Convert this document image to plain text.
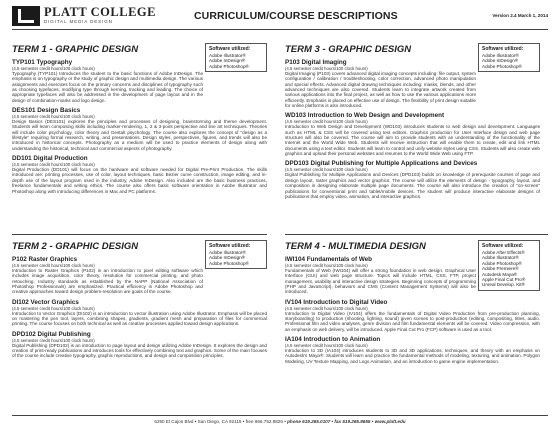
PLATT COLLEGE
DIGITAL MEDIA DESIGN	CURRICULUM/COURSE DESCRIPTIONS	Version 2.4 March 1, 2014
TERM 1 - GRAPHIC DESIGN	Software utilized:
Adobe Illustrator®
Adobe InDesign®
Adobe Photoshop®
TYP101 Typography
(4.5 semester credit hours/100 clock hours)
Typography (TYP101) Introduces the student to the basic functions of Adobe InDesign. The emphasis is on typography or the study of graphic design and multimedia design. The various assignments and exercises focus on the primary concerns and disciplines of typography such as choosing typefaces, modifying type through kerning, tracking and leading. The choice of appropriate typefaces will also be addressed in the development of page layout and in the design of combination-marks and logo design.
DES101 Design Basics
(4.5 semester credit hours/100 clock hours)
Design Basics (DES101) explores the principles and processes of designing, brainstorming and theme development. Students will learn composing skills including marker-rendering, 1, 2 & 3-point perspective and line art techniques. Theories will include color psychology, color theory and Gestalt psychology. The course also explores the concept of "design as a lifestyle" requiring formal research, writing, and presentations. Design styles, perspectives, figures, and trends will also be introduced in historical concepts. Photography as a medium will be used to practice elements of design along with understanding the historical, technical and commercial aspects of photography.
DD101 Digital Production
(4.5 semester credit hours/100 clock hours)
Digital Production (DD101) will focus on the hardware and software needed for Digital Pre-Print Production. The skills introduced are: printing processes, use of color, layout techniques, basic Bezier curve construction, image editing, and in-depth use of the layout program used in the industry, Adobe InDesign. Also included are the basic business practices, freelance fundamentals and writing ethics. The course also offers basic software orientation in Adobe Illustrator and Photoshop along with introducing differences in Mac and PC platforms.
TERM 2 - GRAPHIC DESIGN	Software utilized:
Adobe Illustrator®
Adobe InDesign®
Adobe Photoshop®
P102 Raster Graphics
(4.5 semester credit hours/100 clock hours)
Introduction to Raster Graphics (P102) is an introduction to pixel editing software which includes image acquisition, color theory, resolution for commercial printing, and photo retouching. Industry standards as established by the NAPP (National Association of Photoshop Professionals) are emphasized. Practical efficiency in Adobe Photoshop and creative approaches toward design problem-resolution are goals of the course.
DI102 Vector Graphics
(4.5 semester credit hours/100 clock hours)
Introduction to Vector Graphics (DI102) is an introduction to vector illustration using Adobe Illustrator. Emphasis will be placed on mastering the pen tool, layers, combining shapes, gradients, gradient mesh and preparation of files for commercial printing. The course focuses on both technical as well as creative processes applied toward design applications.
DPD102 Digital Publishing
(4.5 semester credit hours/100 clock hours)
Digital Publishing (DPD102) is an introduction to page layout and design utilizing Adobe InDesign. It explores the design and creation of print-ready publications and introduces tools for effectively combining text and graphics. Some of the main focuses of the course include creative typography, graphic reproductions, and design and composition principles.
TERM 3 - GRAPHIC DESIGN	Software utilized:
Adobe Illustrator®
Adobe InDesign®
Adobe Photoshop®
P103 Digital Imaging
(4.5 semester credit hours/100 clock hours)
Digital Imaging (P103) covers advanced digital imaging concepts including: file output, system configuration / calibration / troubleshooting, color correction, advanced photo manipulation and special effects. Advanced digital drawing techniques including: masks, blends, and other advanced techniques are also covered. Students learn to integrate artwork created from various applications into the final project, as well as how to use the various applications more efficiently. Emphasis is placed on effective use of design. The flexibility of print design suitable for online platforms is also introduced.
WD103 Introduction to Web Design and Development
(4.5 semester credit hours/100 clock hours)
Introduction to Web Design and Development (WD103) introduces students to web design and development. Languages such as HTML & CSS will be covered using text editors. Graphics production for User Interface design and web page structure will also be covered. The course will aim to provide students with an understanding of the functionality of the Internet and the World Wide Web. Students will receive instruction that will enable them to create, edit and link HTML documents using a text editor. Students will learn to control and unify website styles using CSS. Students will also create web graphics and upload their personal websites and resumes to the World Wide Web using FTP.
DPD103 Digital Publishing for Multiple Applications and Devices
(4.5 semester credit hours/100 clock hours)
Digital Publishing for Multiple Applications and Devices (DPD103) builds on knowledge of prerequisite courses of page and design layout, raster graphics and vector graphics. The course will utilize the elements of design - typography, layout, and composition in designing elaborate multiple page documents. The course will also introduce the creation of "on-screen" publications for conventional print and tablet/mobile devices. The student will produce interactive elaborate designs of publications that employ video, animation, and interactive graphics.
TERM 4 - MULTIMEDIA DESIGN	Software utilized:
Adobe After Effects®
Adobe Illustrator®
Adobe Photoshop®
Adobe Premiere®
Autodesk Maya®
Apple Final Cut Pro®
Unreal Develop. Kit®
IWI104 Fundamentals of Web
(4.5 semester credit hours/100 clock hours)
Fundamentals of Web (IWI104) will offer a strong foundation in web design. Graphical User Interface (GUI) and web page structure. Topics will include HTML, CSS, FTP, project management, usability and interactive design strategies. Beginning concepts of programming (PHP and JavaScript), behaviors and CMS (Content Management Systems) will also be introduced.
IV104 Introduction to Digital Video
(4.5 semester credit hours/100 clock hours)
Introduction to Digital Video (IV104) offers the fundamentals of Digital Video Production from pre-production planning, storyboarding) to production (shooting, lighting, sound) given scenes to post-production (editing, compositing, titles, audio. Professional film and video analyses, genre division and film fundamental elements will be covered. Video compression, with an emphasis on web delivery, will be introduced. Apple Final Cut Pro (FCP) software is used as a tool.
IA104 Introduction to Animation
(4.5 semester credit hours/100 clock hours)
Introduction to 3D (IA104) introduces students to 3D and 3D applications, techniques, and theory with an emphasis on Autodesk's Maya®. Students will learn and practice the fundamental methods of modeling, texturing, and animation. Polygon Modeling, UV Texture Mapping, and Logo Animation, and an introduction to game engine implementation.
6250 El Cajon Blvd • San Diego, CA 92115 • free 866.752.8826 • phone 619.265.0107 • fax 619.265.8655 • www.platt.edu
